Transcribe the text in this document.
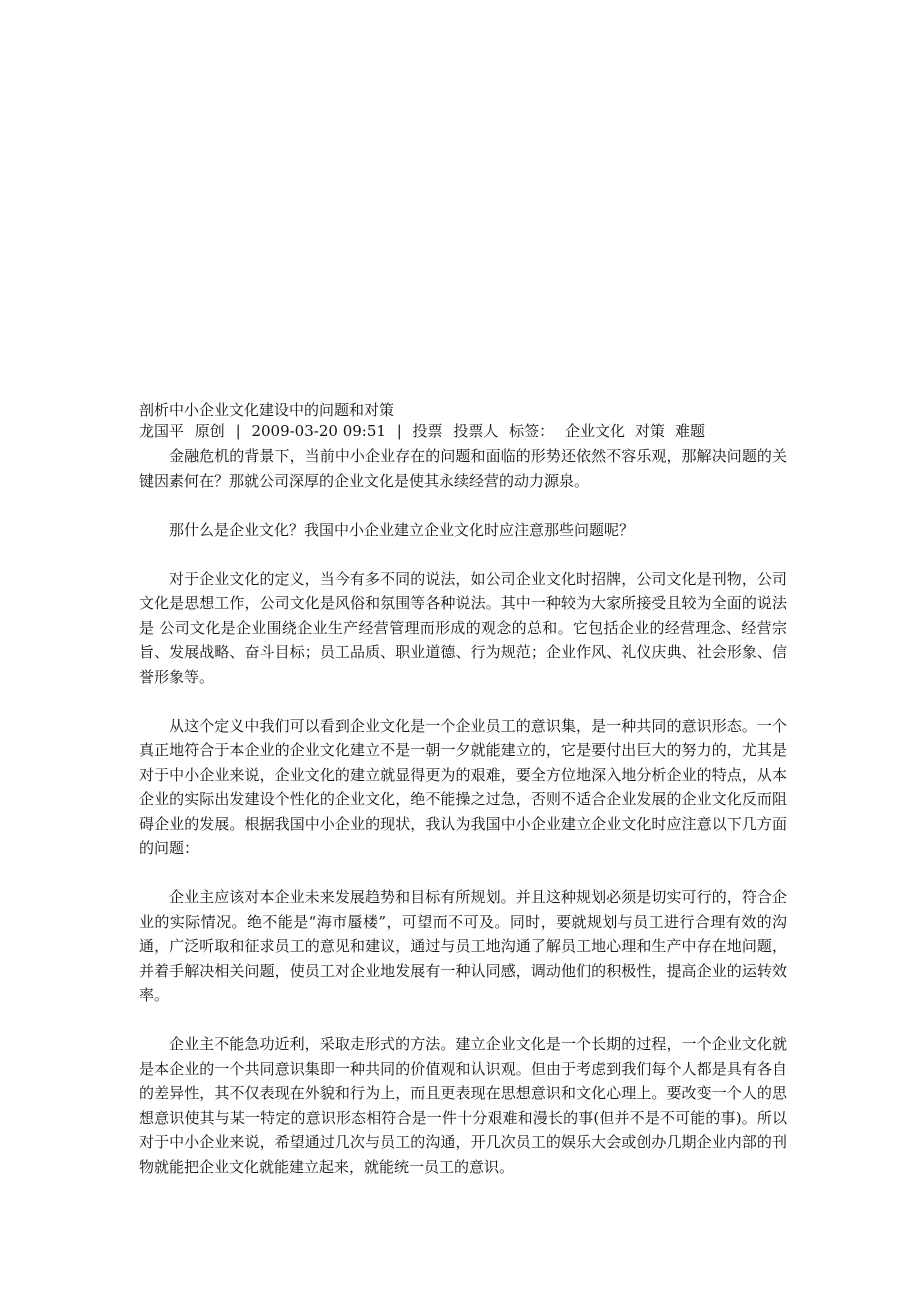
剖析中小企业文化建设中的问题和对策

龙国平 原创 | 2009-03-20 09:51 | 投票 投票人 标签： 企业文化 对策 难题

金融危机的背景下，当前中小企业存在的问题和面临的形势还依然不容乐观，那解决问题的关键因素何在？那就公司深厚的企业文化是使其永续经营的动力源泉。

那什么是企业文化？我国中小企业建立企业文化时应注意那些问题呢？

对于企业文化的定义，当今有多不同的说法，如公司企业文化时招牌，公司文化是刊物，公司文化是思想工作，公司文化是风俗和氛围等各种说法。其中一种较为大家所接受且较为全面的说法是 公司文化是企业围绕企业生产经营管理而形成的观念的总和。它包括企业的经营理念、经营宗旨、发展战略、奋斗目标；员工品质、职业道德、行为规范；企业作风、礼仪庆典、社会形象、信誉形象等。

从这个定义中我们可以看到企业文化是一个企业员工的意识集，是一种共同的意识形态。一个真正地符合于本企业的企业文化建立不是一朝一夕就能建立的，它是要付出巨大的努力的，尤其是对于中小企业来说，企业文化的建立就显得更为的艰难，要全方位地深入地分析企业的特点，从本企业的实际出发建设个性化的企业文化，绝不能操之过急，否则不适合企业发展的企业文化反而阻碍企业的发展。根据我国中小企业的现状，我认为我国中小企业建立企业文化时应注意以下几方面的问题：

企业主应该对本企业未来发展趋势和目标有所规划。并且这种规划必须是切实可行的，符合企业的实际情况。绝不能是“海市蜃楼”，可望而不可及。同时，要就规划与员工进行合理有效的沟通，广泛听取和征求员工的意见和建议，通过与员工地沟通了解员工地心理和生产中存在地问题，并着手解决相关问题，使员工对企业地发展有一种认同感，调动他们的积极性，提高企业的运转效率。

企业主不能急功近利，采取走形式的方法。建立企业文化是一个长期的过程，一个企业文化就是本企业的一个共同意识集即一种共同的价值观和认识观。但由于考虑到我们每个人都是具有各自的差异性，其不仅表现在外貌和行为上，而且更表现在思想意识和文化心理上。要改变一个人的思想意识使其与某一特定的意识形态相符合是一件十分艰难和漫长的事(但并不是不可能的事)。所以对于中小企业来说，希望通过几次与员工的沟通，开几次员工的娱乐大会或创办几期企业内部的刊物就能把企业文化就能建立起来，就能统一员工的意识。
